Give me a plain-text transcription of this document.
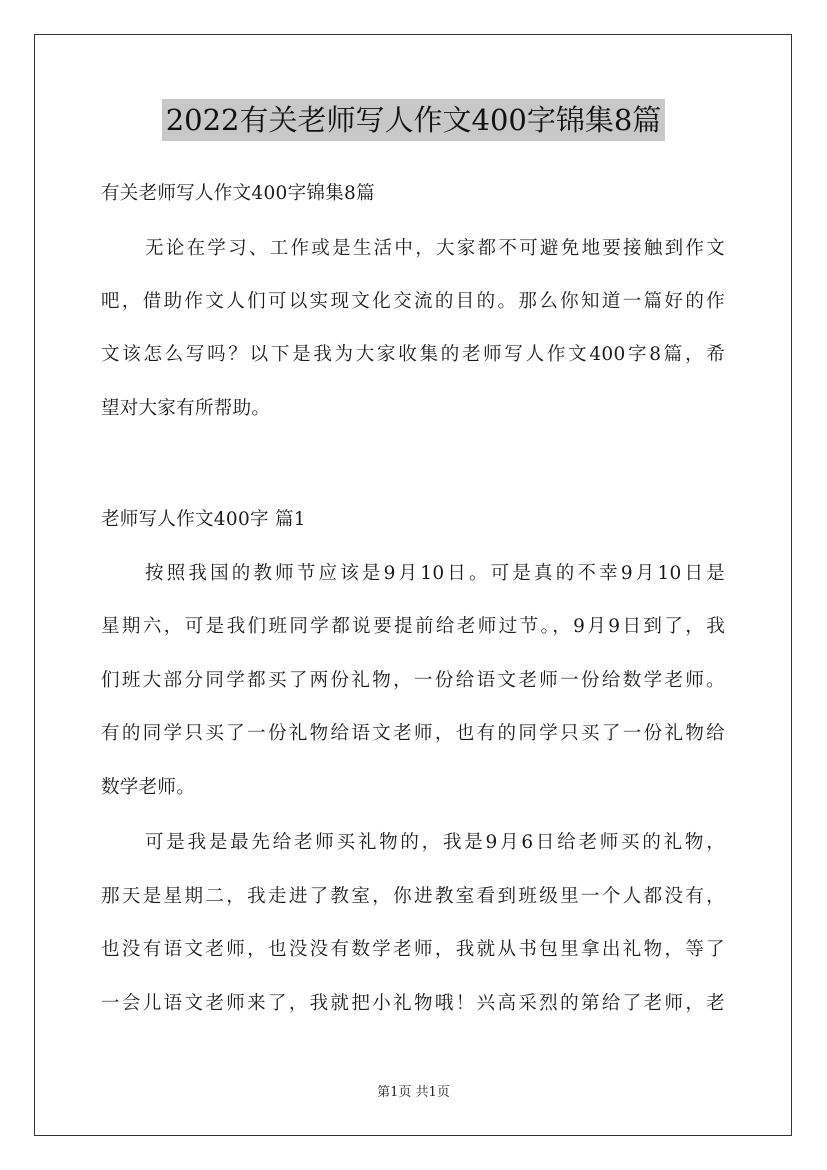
2022有关老师写人作文400字锦集8篇
有关老师写人作文400字锦集8篇
无论在学习、工作或是生活中，大家都不可避免地要接触到作文
吧，借助作文人们可以实现文化交流的目的。那么你知道一篇好的作
文该怎么写吗？以下是我为大家收集的老师写人作文400字8篇，希
望对大家有所帮助。
老师写人作文400字 篇1
按照我国的教师节应该是9月10日。可是真的不幸9月10日是
星期六，可是我们班同学都说要提前给老师过节。，9月9日到了，我
们班大部分同学都买了两份礼物，一份给语文老师一份给数学老师。
有的同学只买了一份礼物给语文老师，也有的同学只买了一份礼物给
数学老师。
可是我是最先给老师买礼物的，我是9月6日给老师买的礼物，
那天是星期二，我走进了教室，你进教室看到班级里一个人都没有，
也没有语文老师，也没没有数学老师，我就从书包里拿出礼物，等了
一会儿语文老师来了，我就把小礼物哦！兴高采烈的第给了老师，老
第1页 共1页
